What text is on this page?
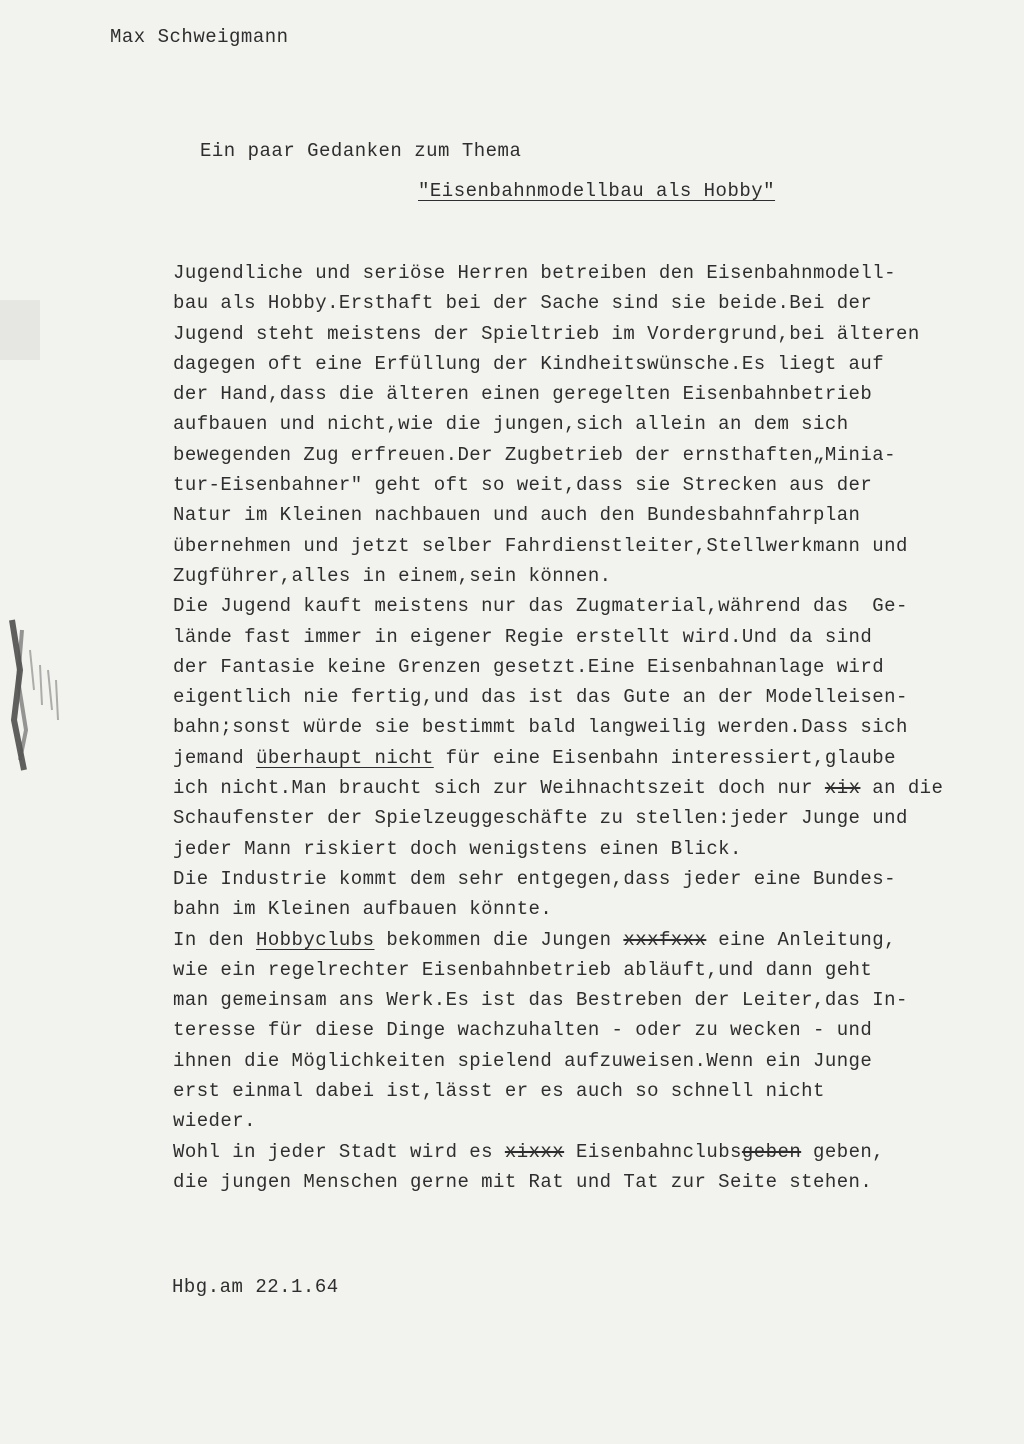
Max Schweigmann
Ein paar Gedanken zum Thema
"Eisenbahnmodellbau als Hobby"
Jugendliche und seriöse Herren betreiben den Eisenbahnmodell-
bau als Hobby.Ersthaft bei der Sache sind sie beide.Bei der
Jugend steht meistens der Spieltrieb im Vordergrund,bei älteren
dagegen oft eine Erfüllung der Kindheitswünsche.Es liegt auf
der Hand,dass die älteren einen geregelten Eisenbahnbetrieb
aufbauen und nicht,wie die jungen,sich allein an dem sich
bewegenden Zug erfreuen.Der Zugbetrieb der ernsthaften„Minia-
tur-Eisenbahner" geht oft so weit,dass sie Strecken aus der
Natur im Kleinen nachbauen und auch den Bundesbahnfahrplan
übernehmen und jetzt selber Fahrdienstleiter,Stellwerkmann und
Zugführer,alles in einem,sein können.
Die Jugend kauft meistens nur das Zugmaterial,während das  Ge-
lände fast immer in eigener Regie erstellt wird.Und da sind
der Fantasie keine Grenzen gesetzt.Eine Eisenbahnanlage wird
eigentlich nie fertig,und das ist das Gute an der Modelleisen-
bahn;sonst würde sie bestimmt bald langweilig werden.Dass sich
jemand überhaupt nicht für eine Eisenbahn interessiert,glaube
ich nicht.Man braucht sich zur Weihnachtszeit doch nur xix an die
Schaufenster der Spielzeuggeschäfte zu stellen:jeder Junge und
jeder Mann riskiert doch wenigstens einen Blick.
Die Industrie kommt dem sehr entgegen,dass jeder eine Bundes-
bahn im Kleinen aufbauen könnte.
In den Hobbyclubs bekommen die Jungen xxxfxxx eine Anleitung,
wie ein regelrechter Eisenbahnbetrieb abläuft,und dann geht
man gemeinsam ans Werk.Es ist das Bestreben der Leiter,das In-
teresse für diese Dinge wachzuhalten - oder zu wecken - und
ihnen die Möglichkeiten spielend aufzuweisen.Wenn ein Junge
erst einmal dabei ist,lässt er es auch so schnell nicht
wieder.
Wohl in jeder Stadt wird es xixxx Eisenbahnclubsgeben geben,
die jungen Menschen gerne mit Rat und Tat zur Seite stehen.
Hbg.am 22.1.64
